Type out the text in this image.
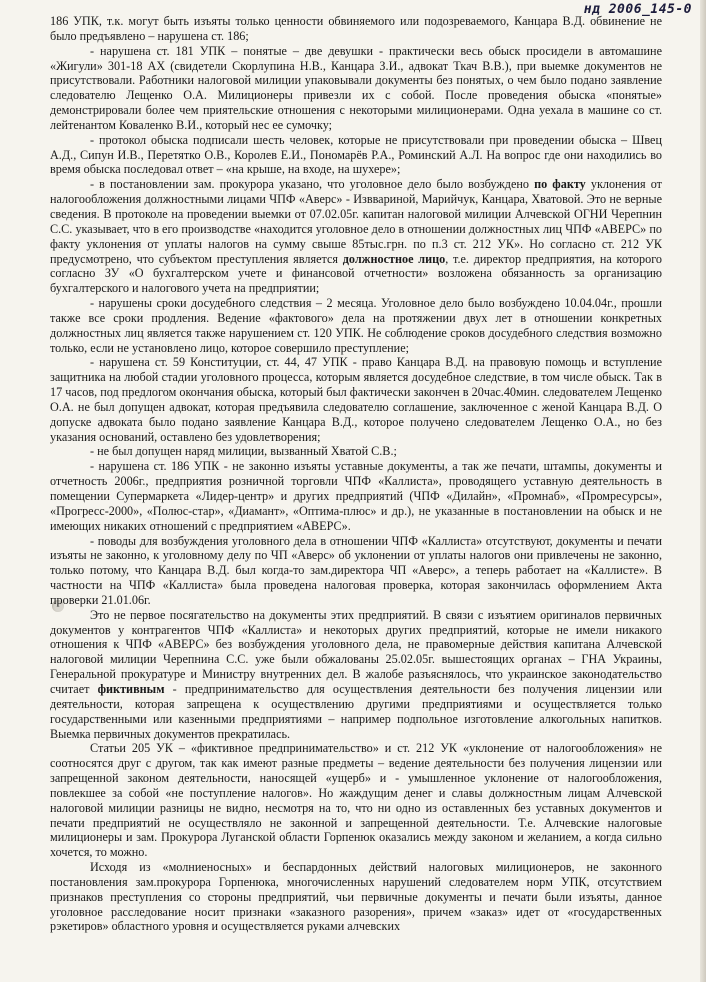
нд 2006_145-0

186 УПК, т.к. могут быть изъяты только ценности обвиняемого или подозреваемого, Канцара В.Д. обвинение не было предъявлено – нарушена ст. 186;

- нарушена ст. 181 УПК – понятые – две девушки - практически весь обыск просидели в автомашине «Жигули» 301-18 АХ (свидетели Скорлупина Н.В., Канцара З.И., адвокат Ткач В.В.), при выемке документов не присутствовали. Работники налоговой милиции упаковывали документы без понятых, о чем было подано заявление следователю Лещенко О.А. Милиционеры привезли их с собой. После проведения обыска «понятые» демонстрировали более чем приятельские отношения с некоторыми милиционерами. Одна уехала в машине со ст. лейтенантом Коваленко В.И., который нес ее сумочку;

- протокол обыска подписали шесть человек, которые не присутствовали при проведении обыска – Швец А.Д., Сипун И.В., Перетятко О.В., Королев Е.И., Пономарёв Р.А., Роминский А.Л. На вопрос где они находились во время обыска последовал ответ – «на крыше, на входе, на шухере»;

- в постановлении зам. прокурора указано, что уголовное дело было возбуждено по факту уклонения от налогообложения должностными лицами ЧПФ «Аверс» - Изввариной, Марийчук, Канцара, Хватовой. Это не верные сведения. В протоколе на проведении выемки от 07.02.05г. капитан налоговой милиции Алчевской ОГНИ Черепнин С.С. указывает, что в его производстве «находится уголовное дело в отношении должностных лиц ЧПФ «АВЕРС» по факту уклонения от уплаты налогов на сумму свыше 85тыс.грн. по п.3 ст. 212 УК». Но согласно ст. 212 УК предусмотрено, что субъектом преступления является должностное лицо, т.е. директор предприятия, на которого согласно ЗУ «О бухгалтерском учете и финансовой отчетности» возложена обязанность за организацию бухгалтерского и налогового учета на предприятии;

- нарушены сроки досудебного следствия – 2 месяца. Уголовное дело было возбуждено 10.04.04г., прошли также все сроки продления. Ведение «фактового» дела на протяжении двух лет в отношении конкретных должностных лиц является также нарушением ст. 120 УПК. Не соблюдение сроков досудебного следствия возможно только, если не установлено лицо, которое совершило преступление;

- нарушена ст. 59 Конституции, ст. 44, 47 УПК - право Канцара В.Д. на правовую помощь и вступление защитника на любой стадии уголовного процесса, которым является досудебное следствие, в том числе обыск. Так в 17 часов, под предлогом окончания обыска, который был фактически закончен в 20час.40мин. следователем Лещенко О.А. не был допущен адвокат, которая предъявила следователю соглашение, заключенное с женой Канцара В.Д. О допуске адвоката было подано заявление Канцара В.Д., которое получено следователем Лещенко О.А., но без указания оснований, оставлено без удовлетворения;

- не был допущен наряд милиции, вызванный Хватой С.В.;

- нарушена ст. 186 УПК - не законно изъяты уставные документы, а так же печати, штампы, документы и отчетность 2006г., предприятия розничной торговли ЧПФ «Каллиста», проводящего уставную деятельность в помещении Супермаркета «Лидер-центр» и других предприятий (ЧПФ «Дилайн», «Промнаб», «Промресурсы», «Прогресс-2000», «Полюс-стар», «Диамант», «Оптима-плюс» и др.), не указанные в постановлении на обыск и не имеющих никаких отношений с предприятием «АВЕРС».

- поводы для возбуждения уголовного дела в отношении ЧПФ «Каллиста» отсутствуют, документы и печати изъяты не законно, к уголовному делу по ЧП «Аверс» об уклонении от уплаты налогов они привлечены не законно, только потому, что Канцара В.Д. был когда-то зам.директора ЧП «Аверс», а теперь работает на «Каллисте». В частности на ЧПФ «Каллиста» была проведена налоговая проверка, которая закончилась оформлением Акта проверки 21.01.06г.

Это не первое посягательство на документы этих предприятий. В связи с изъятием оригиналов первичных документов у контрагентов ЧПФ «Каллиста» и некоторых других предприятий, которые не имели никакого отношения к ЧПФ «АВЕРС» без возбуждения уголовного дела, не правомерные действия капитана Алчевской налоговой милиции Черепнина С.С. уже были обжалованы 25.02.05г. вышестоящих органах – ГНА Украины, Генеральной прокуратуре и Министру внутренних дел. В жалобе разъяснялось, что украинское законодательство считает фиктивным - предпринимательство для осуществления деятельности без получения лицензии или деятельности, которая запрещена к осуществлению другими предприятиями и осуществляется только государственными или казенными предприятиями – например подпольное изготовление алкогольных напитков. Выемка первичных документов прекратилась.

Статьи 205 УК – «фиктивное предпринимательство» и ст. 212 УК «уклонение от налогообложения» не соотносятся друг с другом, так как имеют разные предметы – ведение деятельности без получения лицензии или запрещенной законом деятельности, наносящей «ущерб» и - умышленное уклонение от налогообложения, повлекшее за собой «не поступление налогов». Но жаждущим денег и славы должностным лицам Алчевской налоговой милиции разницы не видно, несмотря на то, что ни одно из оставленных без уставных документов и печати предприятий не осуществляло не законной и запрещенной деятельности. Т.е. Алчевские налоговые милиционеры и зам. Прокурора Луганской области Горпенюк оказались между законом и желанием, а когда сильно хочется, то можно.

Исходя из «молниеносных» и беспардонных действий налоговых милиционеров, не законного постановления зам.прокурора Горпенюка, многочисленных нарушений следователем норм УПК, отсутствием признаков преступления со стороны предприятий, чьи первичные документы и печати были изъяты, данное уголовное расследование носит признаки «заказного разорения», причем «заказ» идет от «государственных рэкетиров» областного уровня и осуществляется руками алчевских
